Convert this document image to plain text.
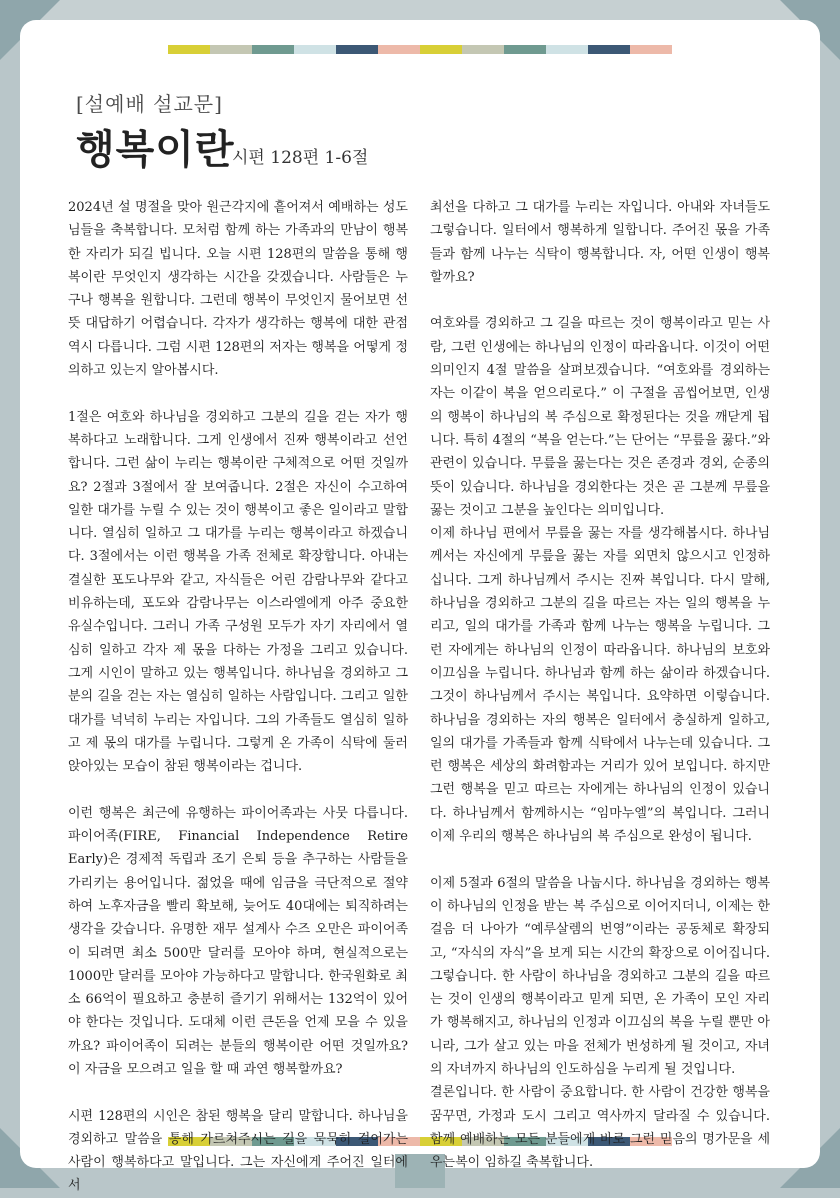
[설예배 설교문]
행복이란
시편 128편 1-6절

2024년 설 명절을 맞아 원근각지에 흩어져서 예배하는 성도님들을 축복합니다. 모처럼 함께 하는 가족과의 만남이 행복한 자리가 되길 빕니다. 오늘 시편 128편의 말씀을 통해 행복이란 무엇인지 생각하는 시간을 갖겠습니다. 사람들은 누구나 행복을 원합니다. 그런데 행복이 무엇인지 물어보면 선뜻 대답하기 어렵습니다. 각자가 생각하는 행복에 대한 관점 역시 다릅니다. 그럼 시편 128편의 저자는 행복을 어떻게 정의하고 있는지 알아봅시다.

1절은 여호와 하나님을 경외하고 그분의 길을 걷는 자가 행복하다고 노래합니다. 그게 인생에서 진짜 행복이라고 선언합니다. 그런 삶이 누리는 행복이란 구체적으로 어떤 것일까요? 2절과 3절에서 잘 보여줍니다. 2절은 자신이 수고하여 일한 대가를 누릴 수 있는 것이 행복이고 좋은 일이라고 말합니다. 열심히 일하고 그 대가를 누리는 행복이라고 하겠습니다. 3절에서는 이런 행복을 가족 전체로 확장합니다. 아내는 결실한 포도나무와 같고, 자식들은 어린 감람나무와 같다고 비유하는데, 포도와 감람나무는 이스라엘에게 아주 중요한 유실수입니다. 그러니 가족 구성원 모두가 자기 자리에서 열심히 일하고 각자 제 몫을 다하는 가정을 그리고 있습니다. 그게 시인이 말하고 있는 행복입니다. 하나님을 경외하고 그분의 길을 걷는 자는 열심히 일하는 사람입니다. 그리고 일한 대가를 넉넉히 누리는 자입니다. 그의 가족들도 열심히 일하고 제 몫의 대가를 누립니다. 그렇게 온 가족이 식탁에 둘러 앉아있는 모습이 참된 행복이라는 겁니다.

이런 행복은 최근에 유행하는 파이어족과는 사뭇 다릅니다. 파이어족(FIRE, Financial Independence Retire Early)은 경제적 독립과 조기 은퇴 등을 추구하는 사람들을 가리키는 용어입니다. 젊었을 때에 임금을 극단적으로 절약하여 노후자금을 빨리 확보해, 늦어도 40대에는 퇴직하려는 생각을 갖습니다. 유명한 재무 설계사 수즈 오만은 파이어족이 되려면 최소 500만 달러를 모아야 하며, 현실적으로는 1000만 달러를 모아야 가능하다고 말합니다. 한국원화로 최소 66억이 필요하고 충분히 즐기기 위해서는 132억이 있어야 한다는 것입니다. 도대체 이런 큰돈을 언제 모을 수 있을까요? 파이어족이 되려는 분들의 행복이란 어떤 것일까요? 이 자금을 모으려고 일을 할 때 과연 행복할까요?

시편 128편의 시인은 참된 행복을 달리 말합니다. 하나님을 경외하고 말씀을 통해 가르쳐주시는 길을 묵묵히 걸어가는 사람이 행복하다고 말입니다. 그는 자신에게 주어진 일터에서

최선을 다하고 그 대가를 누리는 자입니다. 아내와 자녀들도 그렇습니다. 일터에서 행복하게 일합니다. 주어진 몫을 가족들과 함께 나누는 식탁이 행복합니다. 자, 어떤 인생이 행복할까요?

여호와를 경외하고 그 길을 따르는 것이 행복이라고 믿는 사람, 그런 인생에는 하나님의 인정이 따라옵니다. 이것이 어떤 의미인지 4절 말씀을 살펴보겠습니다. “여호와를 경외하는 자는 이같이 복을 얻으리로다.” 이 구절을 곰씹어보면, 인생의 행복이 하나님의 복 주심으로 확정된다는 것을 깨닫게 됩니다. 특히 4절의 “복을 얻는다.”는 단어는 “무릎을 꿇다.”와 관련이 있습니다. 무릎을 꿇는다는 것은 존경과 경외, 순종의 뜻이 있습니다. 하나님을 경외한다는 것은 곧 그분께 무릎을 꿇는 것이고 그분을 높인다는 의미입니다.

이제 하나님 편에서 무릎을 꿇는 자를 생각해봅시다. 하나님께서는 자신에게 무릎을 꿇는 자를 외면치 않으시고 인정하십니다. 그게 하나님께서 주시는 진짜 복입니다. 다시 말해, 하나님을 경외하고 그분의 길을 따르는 자는 일의 행복을 누리고, 일의 대가를 가족과 함께 나누는 행복을 누립니다. 그런 자에게는 하나님의 인정이 따라옵니다. 하나님의 보호와 이끄심을 누립니다. 하나님과 함께 하는 삶이라 하겠습니다. 그것이 하나님께서 주시는 복입니다. 요약하면 이렇습니다. 하나님을 경외하는 자의 행복은 일터에서 충실하게 일하고, 일의 대가를 가족들과 함께 식탁에서 나누는데 있습니다. 그런 행복은 세상의 화려함과는 거리가 있어 보입니다. 하지만 그런 행복을 믿고 따르는 자에게는 하나님의 인정이 있습니다. 하나님께서 함께하시는 “임마누엘”의 복입니다. 그러니 이제 우리의 행복은 하나님의 복 주심으로 완성이 됩니다.

이제 5절과 6절의 말씀을 나눕시다. 하나님을 경외하는 행복이 하나님의 인정을 받는 복 주심으로 이어지더니, 이제는 한 걸음 더 나아가 “예루살렘의 번영”이라는 공동체로 확장되고, “자식의 자식”을 보게 되는 시간의 확장으로 이어집니다. 그렇습니다. 한 사람이 하나님을 경외하고 그분의 길을 따르는 것이 인생의 행복이라고 믿게 되면, 온 가족이 모인 자리가 행복해지고, 하나님의 인정과 이끄심의 복을 누릴 뿐만 아니라, 그가 살고 있는 마을 전체가 번성하게 될 것이고, 자녀의 자녀까지 하나님의 인도하심을 누리게 될 것입니다.

결론입니다. 한 사람이 중요합니다. 한 사람이 건강한 행복을 꿈꾸면, 가정과 도시 그리고 역사까지 달라질 수 있습니다. 함께 예배하는 모든 분들에게 바로 그런 믿음의 명가문을 세우는복이 임하길 축복합니다.
